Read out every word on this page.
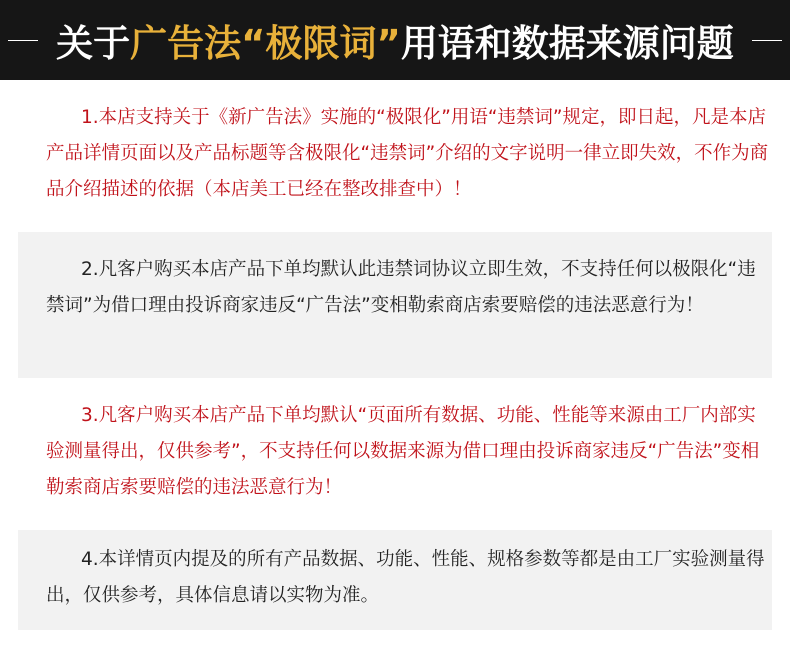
关于广告法“极限词”用语和数据来源问题
1.本店支持关于《新广告法》实施的“极限化”用语“违禁词”规定，即日起，凡是本店产品详情页面以及产品标题等含极限化“违禁词”介绍的文字说明一律立即失效，不作为商品介绍描述的依据（本店美工已经在整改排查中）！
2.凡客户购买本店产品下单均默认此违禁词协议立即生效，不支持任何以极限化“违禁词”为借口理由投诉商家违反“广告法”变相勒索商店索要赔偿的违法恶意行为！
3.凡客户购买本店产品下单均默认“页面所有数据、功能、性能等来源由工厂内部实验测量得出，仅供参考”，不支持任何以数据来源为借口理由投诉商家违反“广告法”变相勒索商店索要赔偿的违法恶意行为！
4.本详情页内提及的所有产品数据、功能、性能、规格参数等都是由工厂实验测量得出，仅供参考，具体信息请以实物为准。
